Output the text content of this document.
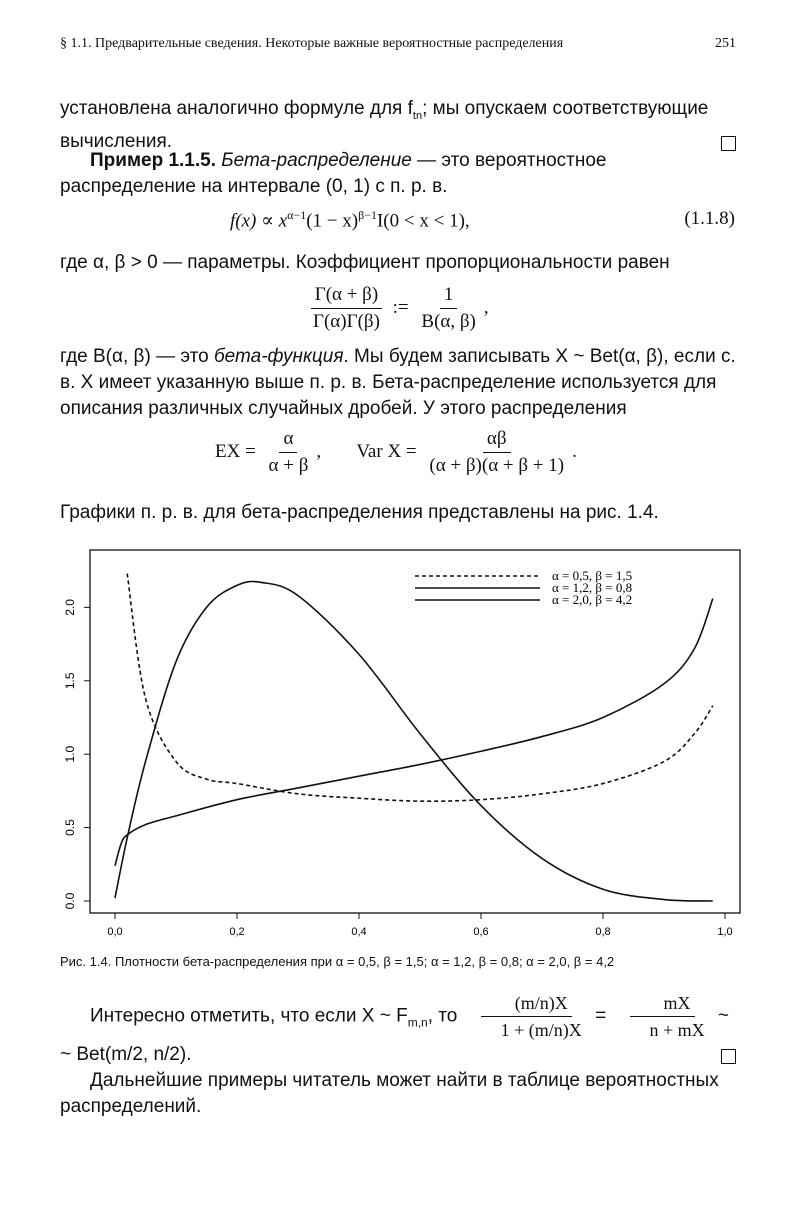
§ 1.1. Предварительные сведения. Некоторые важные вероятностные распределения	251
установлена аналогично формуле для $f_{tn}$; мы опускаем соответствующие вычисления.
Пример 1.1.5. Бета-распределение — это вероятностное распределение на интервале (0, 1) с п. р. в.
$f(x) \propto x^{\alpha-1}(1 - x)^{\beta-1}I(0 < x < 1)$,	(1.1.8)
где α, β > 0 — параметры. Коэффициент пропорциональности равен
$\frac{\Gamma(\alpha + \beta)}{\Gamma(\alpha)\Gamma(\beta)}$ := $\frac{1}{B(\alpha, \beta)}$ ,
где B(α, β) — это бета-функция. Мы будем записывать X ~ Bet(α, β), если с. в. X имеет указанную выше п. р. в. Бета-распределение используется для описания различных случайных дробей. У этого распределения
EX = $\frac{\alpha}{\alpha + \beta}$ , Var $X = \frac{\alpha\beta}{(\alpha + \beta)(\alpha + \beta + 1)}$ .
Графики п. р. в. для бета-распределения представлены на рис. 1.4.
0.0
0.5
1.0
1.5
2.0
0,0	0,2	0,4	0,6	0,8	1,0
α = 0,5, β = 1,5
α = 1,2, β = 0,8
α = 2,0, β = 4,2
Рис. 1.4. Плотности бета-распределения при α = 0,5, β = 1,5; α = 1,2, β = 0,8; α = 2,0, β = 4,2
Интересно отметить, что если X ~ $F_{m,n}$, то $\frac{(m/n)X}{1 + (m/n)X} = \frac{mX}{n + mX}$ ~
~ Bet(m/2, n/2).
Дальнейшие примеры читатель может найти в таблице вероятностных распределений.
